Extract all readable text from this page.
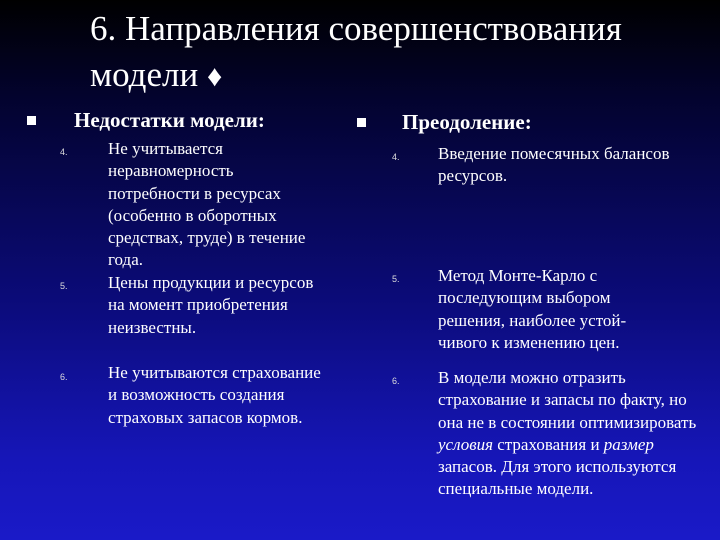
6. Направления совершенствования
модели ♦
Недостатки модели:
4. Не учитывается неравномерность потребности в ресурсах (особенно в оборотных средствах, труде) в течение года.
5. Цены продукции и ресурсов на момент приобретения неизвестны.
6. Не учитываются страхование и возможность создания страховых запасов кормов.
Преодоление:
4. Введение помесячных балансов ресурсов.
5. Метод Монте-Карло с последующим выбором решения, наиболее устой-чивого к изменению цен.
6. В модели можно отразить страхование и запасы по факту, но она не в состоянии оптимизировать условия страхования и размер запасов. Для этого используются специальные модели.
